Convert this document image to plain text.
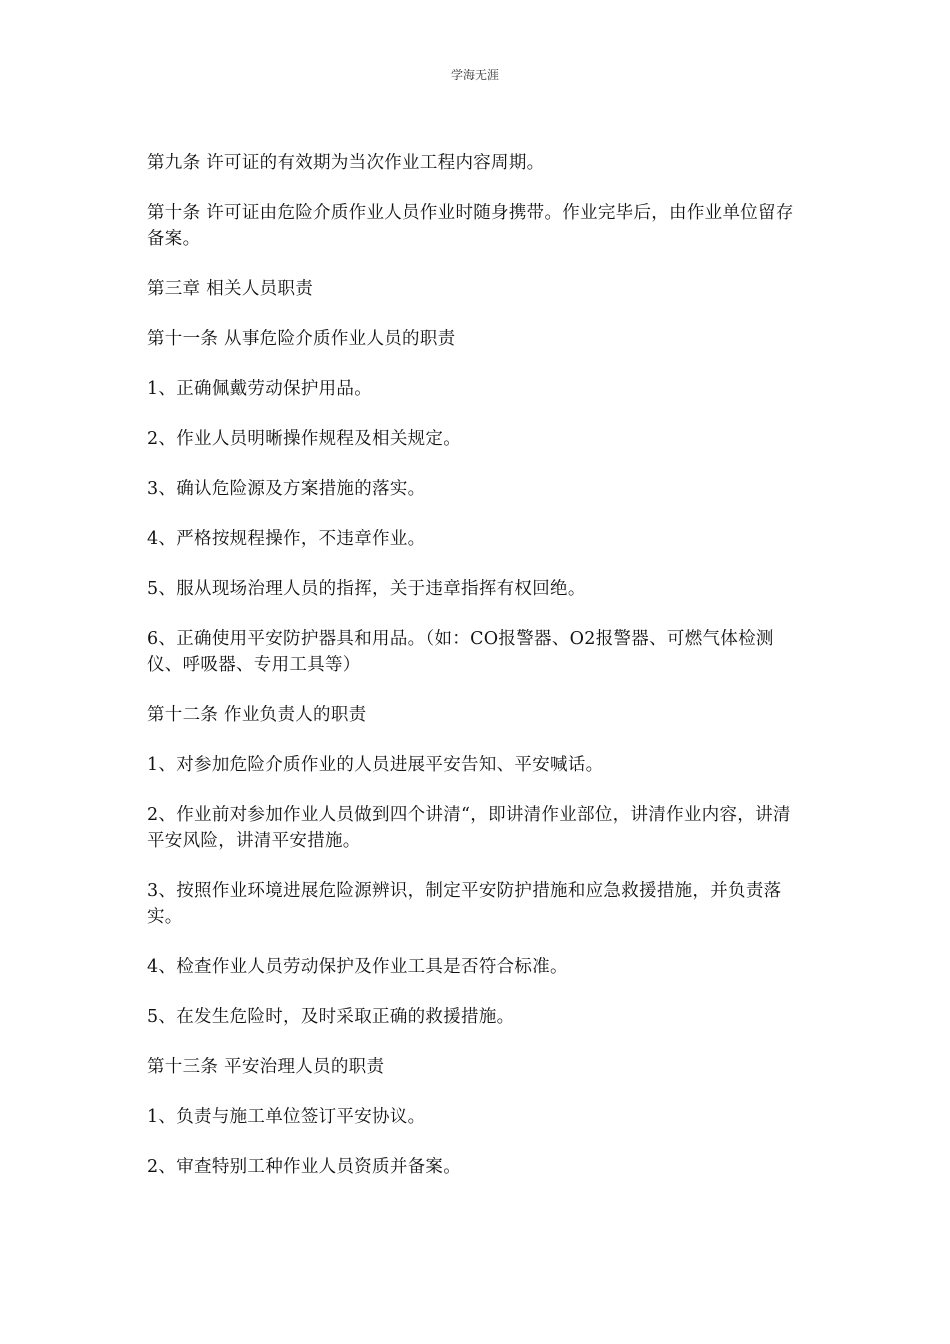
学海无涯

第九条 许可证的有效期为当次作业工程内容周期。

第十条 许可证由危险介质作业人员作业时随身携带。作业完毕后，由作业单位留存备案。

第三章 相关人员职责

第十一条 从事危险介质作业人员的职责

1、正确佩戴劳动保护用品。

2、作业人员明晰操作规程及相关规定。

3、确认危险源及方案措施的落实。

4、严格按规程操作，不违章作业。

5、服从现场治理人员的指挥，关于违章指挥有权回绝。

6、正确使用平安防护器具和用品。（如：CO报警器、O2报警器、可燃气体检测仪、呼吸器、专用工具等）

第十二条 作业负责人的职责

1、对参加危险介质作业的人员进展平安告知、平安喊话。

2、作业前对参加作业人员做到四个讲清“，即讲清作业部位，讲清作业内容，讲清平安风险，讲清平安措施。

3、按照作业环境进展危险源辨识，制定平安防护措施和应急救援措施，并负责落实。

4、检查作业人员劳动保护及作业工具是否符合标准。

5、在发生危险时，及时采取正确的救援措施。

第十三条 平安治理人员的职责

1、负责与施工单位签订平安协议。

2、审查特别工种作业人员资质并备案。
